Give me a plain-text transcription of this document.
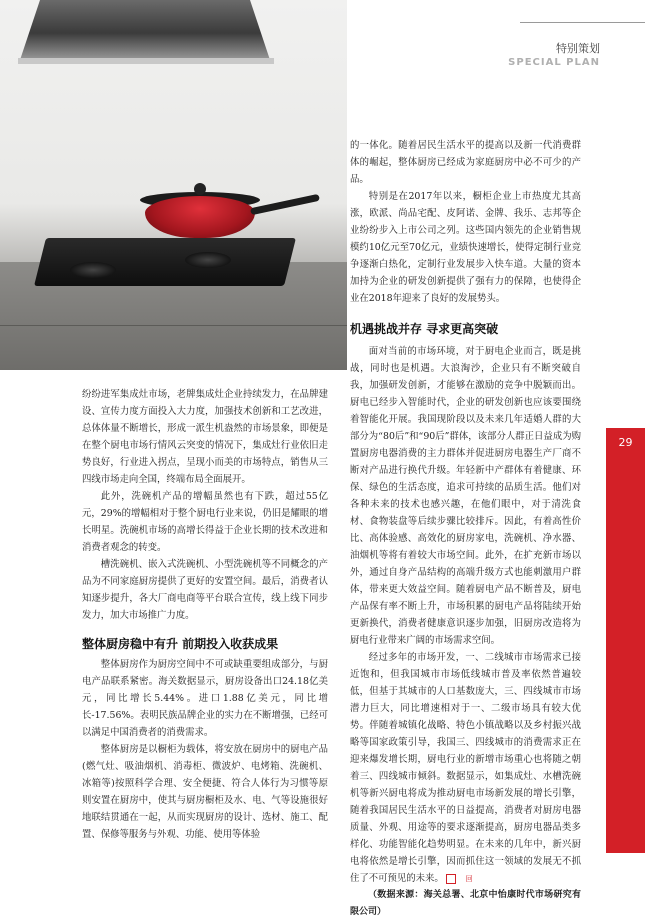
特别策划
SPECIAL PLAN
29

纷纷进军集成灶市场，老牌集成灶企业持续发力，在品牌建设、宣传力度方面投入大力度，加强技术创新和工艺改进，总体体量不断增长，形成一派生机盎然的市场景象，即便是在整个厨电市场行情风云突变的情况下，集成灶行业依旧走势良好，行业进入拐点，呈现小而美的市场特点，销售从三四线市场走向全国，终端布局全面展开。

此外，洗碗机产品的增幅虽然也有下跌，超过55亿元，29%的增幅相对于整个厨电行业来说，仍旧是耀眼的增长明星。洗碗机市场的高增长得益于企业长期的技术改进和消费者观念的转变。

槽洗碗机、嵌入式洗碗机、小型洗碗机等不同概念的产品为不同家庭厨房提供了更好的安置空间。最后，消费者认知逐步提升，各大厂商电商等平台联合宣传，线上线下同步发力，加大市场推广力度。

整体厨房稳中有升 前期投入收获成果

整体厨房作为厨房空间中不可或缺重要组成部分，与厨电产品联系紧密。海关数据显示，厨房设备出口24.18亿美元，同比增长5.44%。进口1.88亿美元，同比增长-17.56%。表明民族品牌企业的实力在不断增强，已经可以满足中国消费者的消费需求。

整体厨房是以橱柜为载体，将安放在厨房中的厨电产品(燃气灶、吸油烟机、消毒柜、微波炉、电烤箱、洗碗机、冰箱等)按照科学合理、安全便捷、符合人体行为习惯等原则安置在厨房中，使其与厨房橱柜及水、电、气等设施很好地联结贯通在一起，从而实现厨房的设计、选材、施工、配置、保修等服务与外观、功能、使用等体验

的一体化。随着居民生活水平的提高以及新一代消费群体的崛起，整体厨房已经成为家庭厨房中必不可少的产品。

特别是在2017年以来，橱柜企业上市热度尤其高涨，欧派、尚品宅配、皮阿诺、金牌、我乐、志邦等企业纷纷步入上市公司之列。这些国内领先的企业销售规模约10亿元至70亿元，业绩快速增长，使得定制行业竞争逐渐白热化，定制行业发展步入快车道。大量的资本加持为企业的研发创新提供了强有力的保障，也使得企业在2018年迎来了良好的发展势头。

机遇挑战并存 寻求更高突破

面对当前的市场环境，对于厨电企业而言，既是挑战，同时也是机遇。大浪淘沙，企业只有不断突破自我，加强研发创新，才能够在激励的竞争中脱颖而出。厨电已经步入智能时代，企业的研发创新也应该要围绕着智能化开展。我国现阶段以及未来几年适婚人群的大部分为“80后”和“90后”群体，该部分人群正日益成为购置厨房电器消费的主力群体并促进厨房电器生产厂商不断对产品进行换代升级。年轻新中产群体有着健康、环保、绿色的生活态度，追求可持续的品质生活。他们对各种未来的技术也感兴趣，在他们眼中，对于清洗食材、食物装盘等后续步骤比较排斥。因此，有着高性价比、高体验感、高效化的厨房家电，洗碗机、净水器、油烟机等将有着较大市场空间。此外，在扩充新市场以外，通过自身产品结构的高端升级方式也能刺激用户群体，带来更大效益空间。随着厨电产品不断普及，厨电产品保有率不断上升，市场积累的厨电产品将陆续开始更新换代，消费者健康意识逐步加强，旧厨房改造将为厨电行业带来广阔的市场需求空间。

经过多年的市场开发，一、二线城市市场需求已接近饱和，但我国城市市场低线城市普及率依然普遍较低，但基于其城市的人口基数庞大，三、四线城市市场潜力巨大，同比增速相对于一、二级市场具有较大优势。伴随着城镇化战略、特色小镇战略以及乡村振兴战略等国家政策引导，我国三、四线城市的消费需求正在迎来爆发增长期，厨电行业的新增市场重心也将随之朝着三、四线城市倾斜。数据显示，如集成灶、水槽洗碗机等新兴厨电将成为推动厨电市场新发展的增长引擎，随着我国居民生活水平的日益提高，消费者对厨房电器质量、外观、用途等的要求逐渐提高，厨房电器品类多样化、功能智能化趋势明显。在未来的几年中，新兴厨电将依然是增长引擎，因而抓住这一领域的发展无不抓住了不可预见的未来。	回

（数据来源：海关总署、北京中怡康时代市场研究有限公司）
